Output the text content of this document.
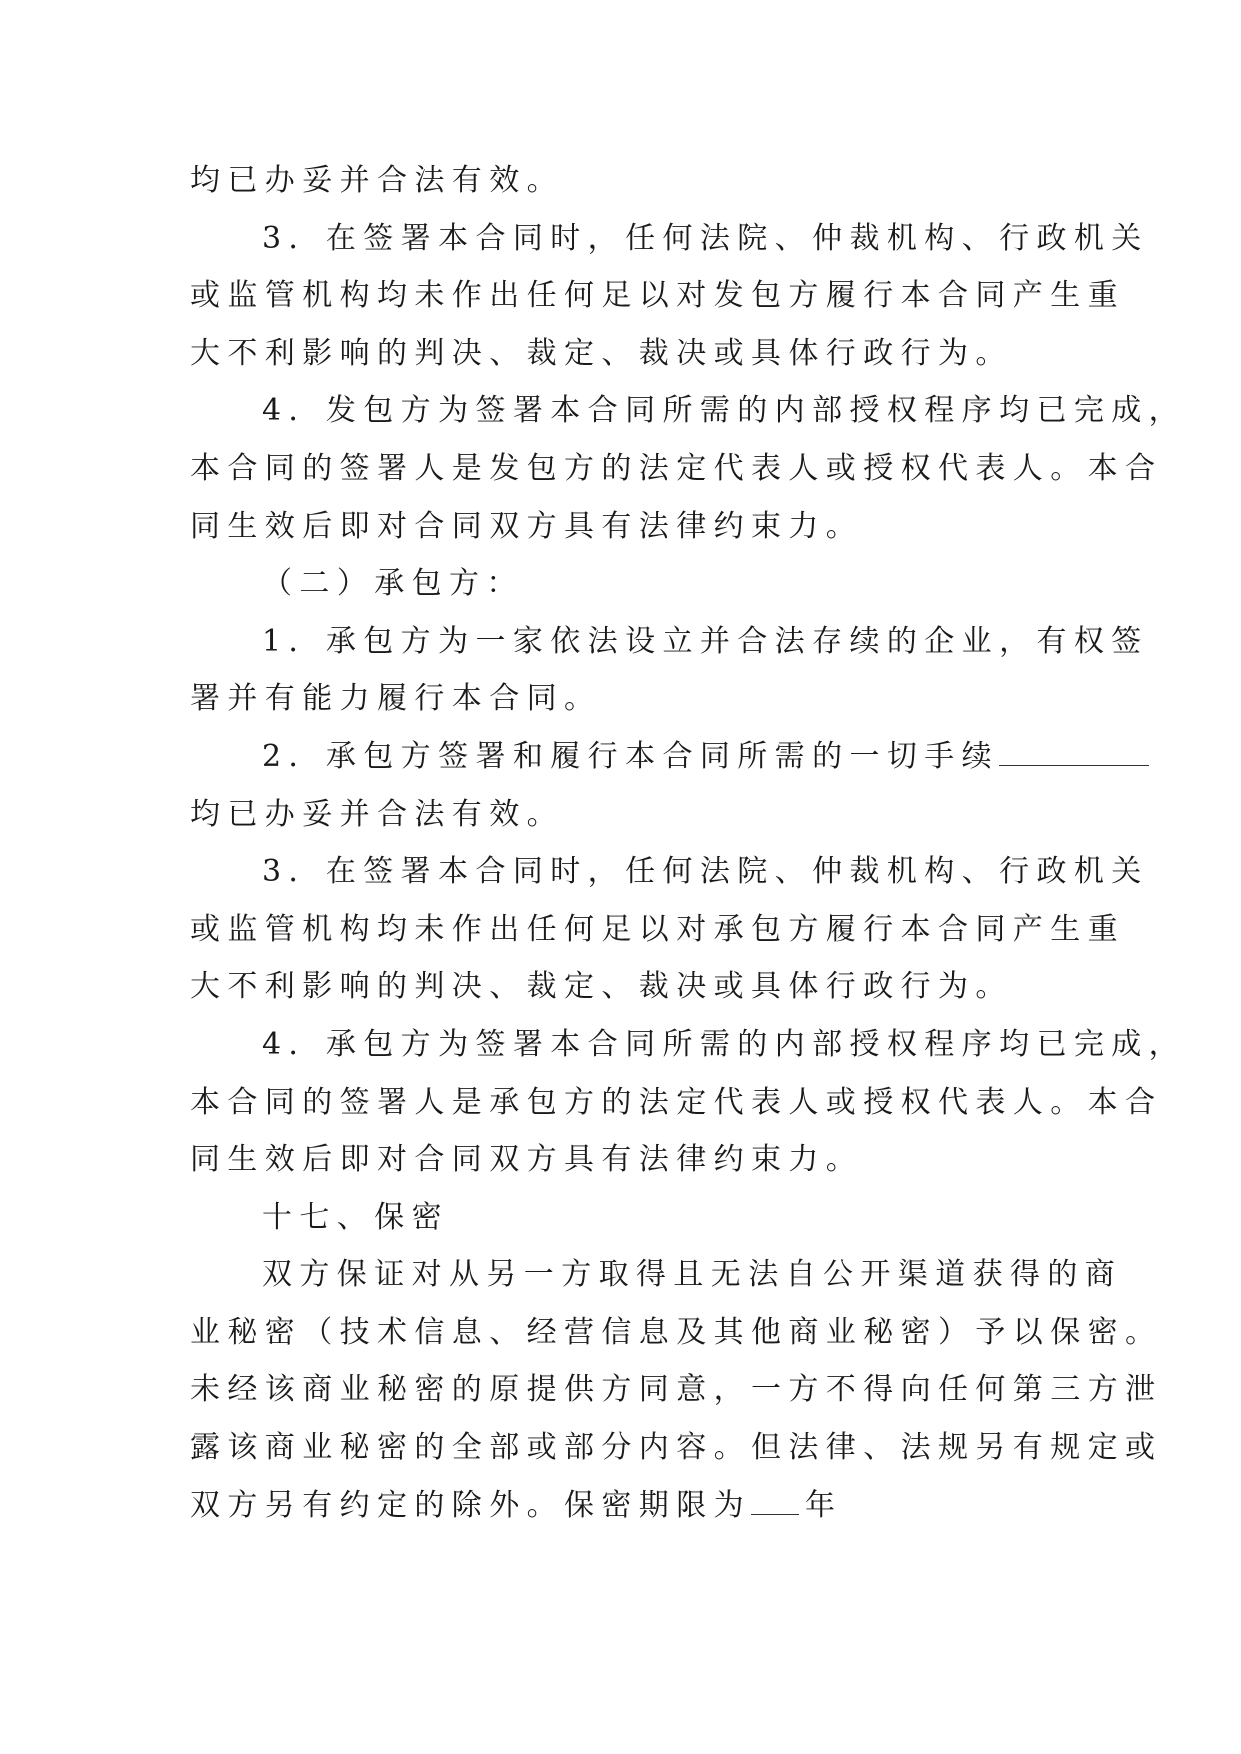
均已办妥并合法有效。
3．在签署本合同时，任何法院、仲裁机构、行政机关
或监管机构均未作出任何足以对发包方履行本合同产生重
大不利影响的判决、裁定、裁决或具体行政行为。
4．发包方为签署本合同所需的内部授权程序均已完成，
本合同的签署人是发包方的法定代表人或授权代表人。本合
同生效后即对合同双方具有法律约束力。
（二）承包方：
1．承包方为一家依法设立并合法存续的企业，有权签
署并有能力履行本合同。
2．承包方签署和履行本合同所需的一切手续
均已办妥并合法有效。
3．在签署本合同时，任何法院、仲裁机构、行政机关
或监管机构均未作出任何足以对承包方履行本合同产生重
大不利影响的判决、裁定、裁决或具体行政行为。
4．承包方为签署本合同所需的内部授权程序均已完成，
本合同的签署人是承包方的法定代表人或授权代表人。本合
同生效后即对合同双方具有法律约束力。
十七、保密
双方保证对从另一方取得且无法自公开渠道获得的商
业秘密（技术信息、经营信息及其他商业秘密）予以保密。
未经该商业秘密的原提供方同意，一方不得向任何第三方泄
露该商业秘密的全部或部分内容。但法律、法规另有规定或
双方另有约定的除外。保密期限为 年
